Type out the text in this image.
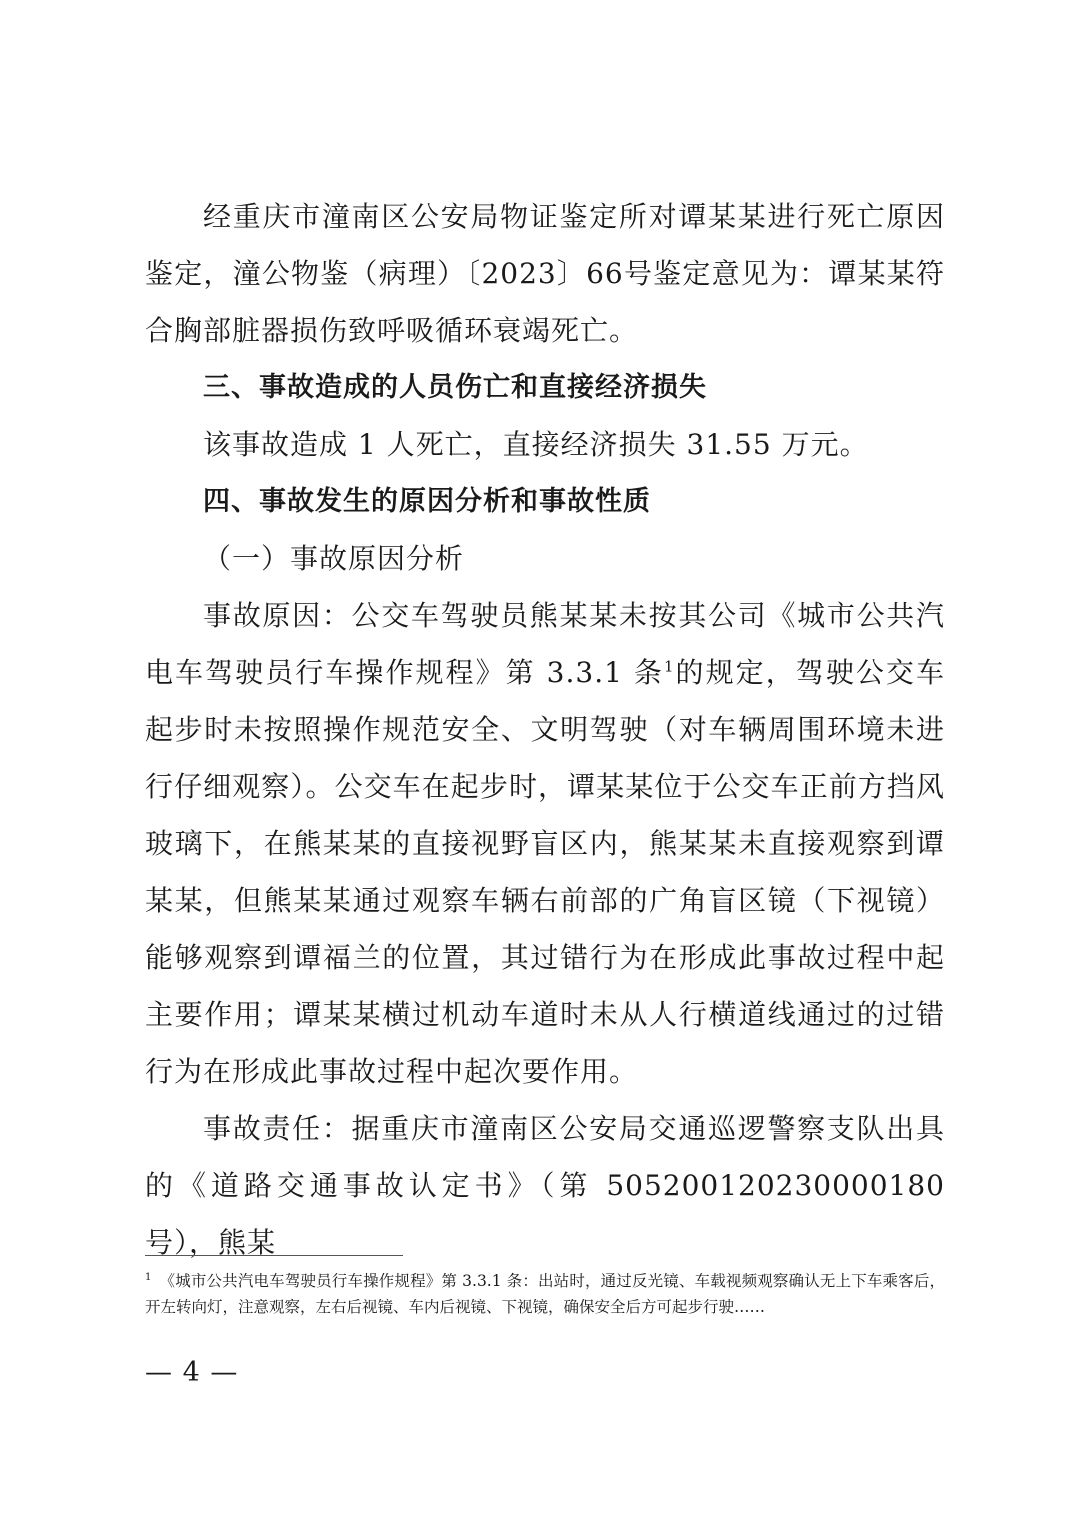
经重庆市潼南区公安局物证鉴定所对谭某某进行死亡原因鉴定，潼公物鉴（病理）〔2023〕66号鉴定意见为：谭某某符合胸部脏器损伤致呼吸循环衰竭死亡。

三、事故造成的人员伤亡和直接经济损失

该事故造成 1 人死亡，直接经济损失 31.55 万元。

四、事故发生的原因分析和事故性质

（一）事故原因分析

事故原因：公交车驾驶员熊某某未按其公司《城市公共汽电车驾驶员行车操作规程》第 3.3.1 条$^1$的规定，驾驶公交车起步时未按照操作规范安全、文明驾驶（对车辆周围环境未进行仔细观察）。公交车在起步时，谭某某位于公交车正前方挡风玻璃下，在熊某某的直接视野盲区内，熊某某未直接观察到谭某某，但熊某某通过观察车辆右前部的广角盲区镜（下视镜）能够观察到谭福兰的位置，其过错行为在形成此事故过程中起主要作用；谭某某横过机动车道时未从人行横道线通过的过错行为在形成此事故过程中起次要作用。

事故责任：据重庆市潼南区公安局交通巡逻警察支队出具的《道路交通事故认定书》（第 505200120230000180 号），熊某

$^1$ 《城市公共汽电车驾驶员行车操作规程》第 3.3.1 条：出站时，通过反光镜、车载视频观察确认无上下车乘客后，开左转向灯，注意观察，左右后视镜、车内后视镜、下视镜，确保安全后方可起步行驶……
— 4 —
